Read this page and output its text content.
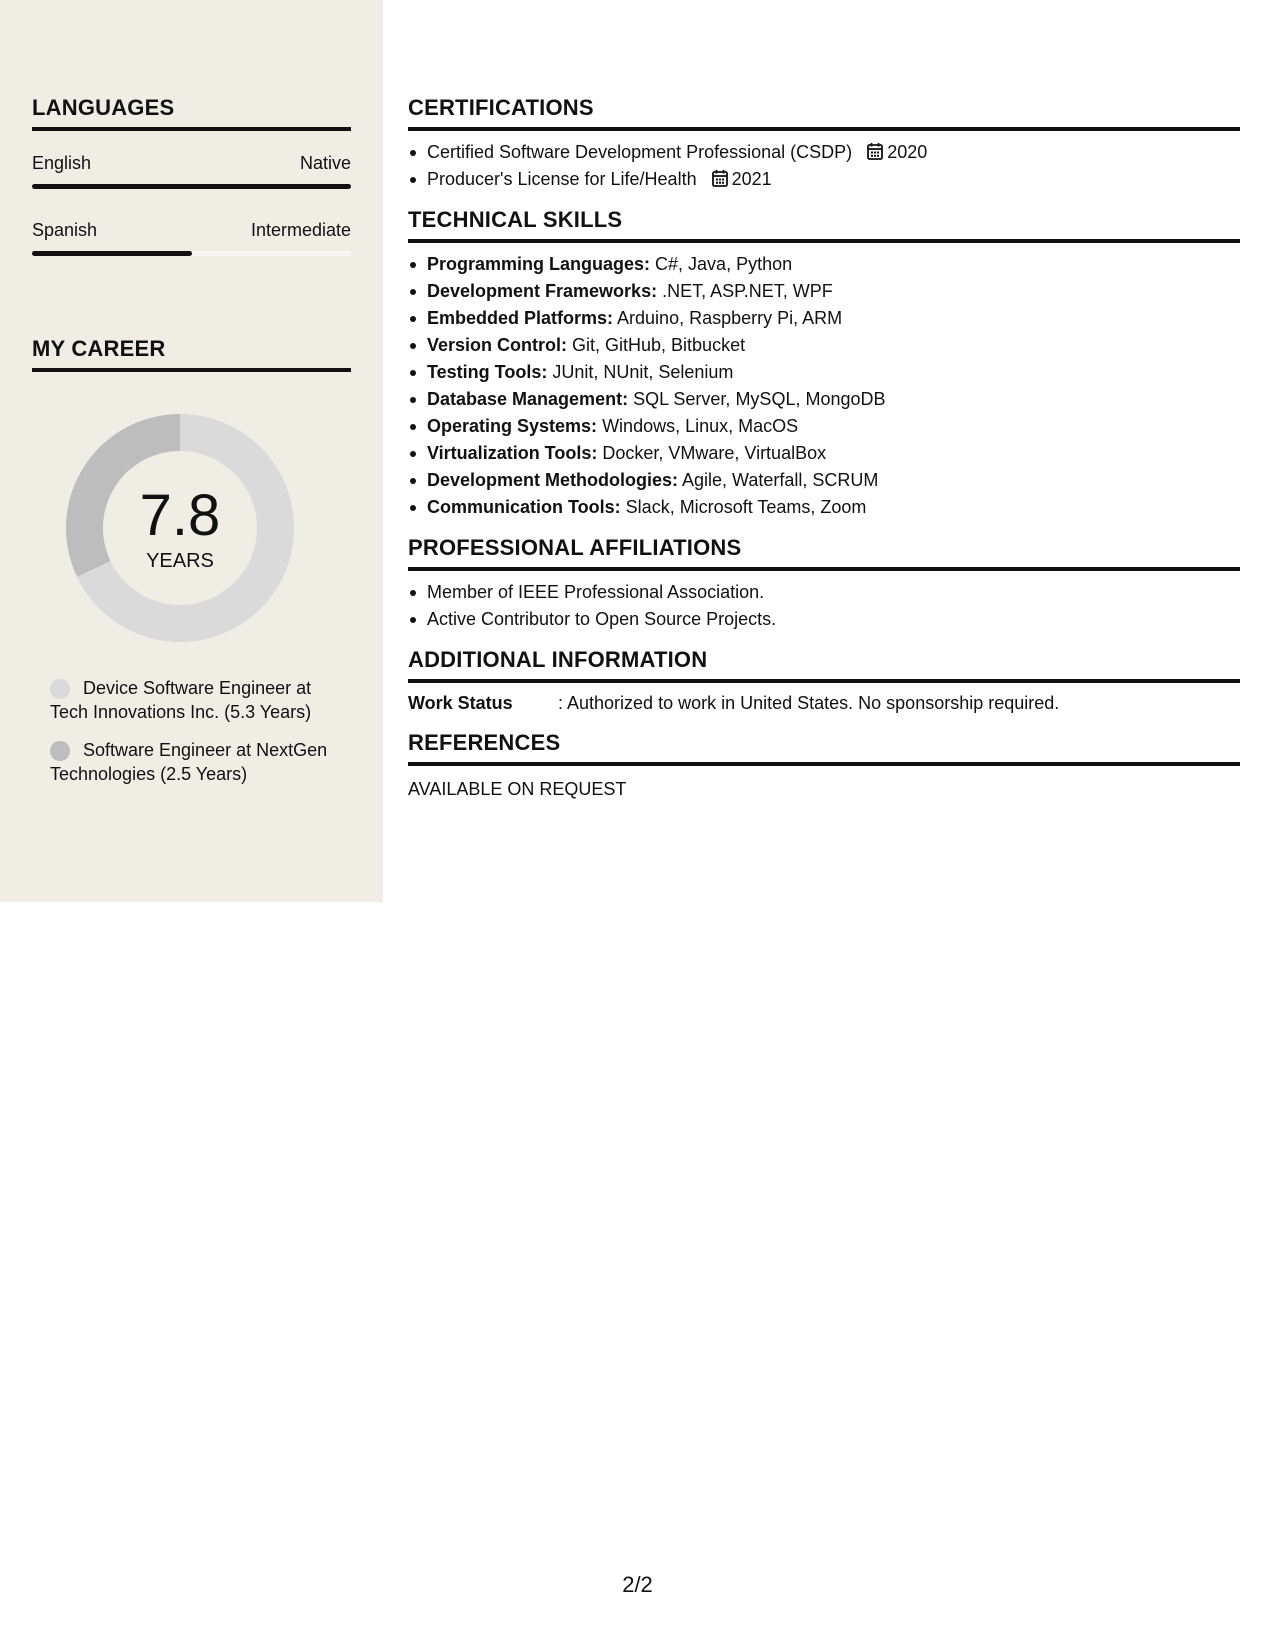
LANGUAGES
English	Native
Spanish	Intermediate
MY CAREER
7.8
YEARS
Device Software Engineer at Tech Innovations Inc. (5.3 Years)
Software Engineer at NextGen Technologies (2.5 Years)
CERTIFICATIONS
Certified Software Development Professional (CSDP) 2020
Producer's License for Life/Health 2021
TECHNICAL SKILLS
Programming Languages: C#, Java, Python
Development Frameworks: .NET, ASP.NET, WPF
Embedded Platforms: Arduino, Raspberry Pi, ARM
Version Control: Git, GitHub, Bitbucket
Testing Tools: JUnit, NUnit, Selenium
Database Management: SQL Server, MySQL, MongoDB
Operating Systems: Windows, Linux, MacOS
Virtualization Tools: Docker, VMware, VirtualBox
Development Methodologies: Agile, Waterfall, SCRUM
Communication Tools: Slack, Microsoft Teams, Zoom
PROFESSIONAL AFFILIATIONS
Member of IEEE Professional Association.
Active Contributor to Open Source Projects.
ADDITIONAL INFORMATION
Work Status	: Authorized to work in United States. No sponsorship required.
REFERENCES
AVAILABLE ON REQUEST
2/2
